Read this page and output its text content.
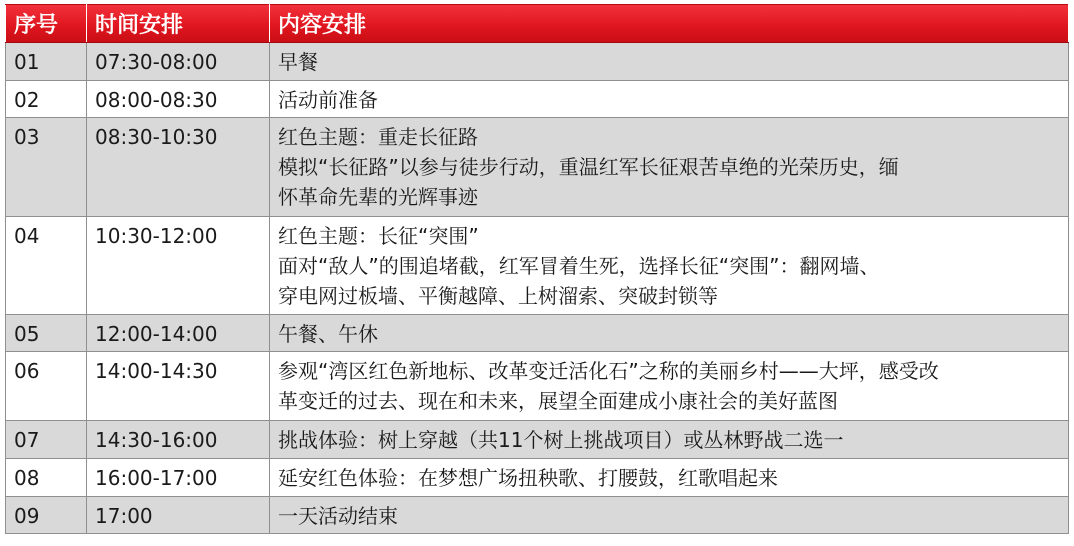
序号	时间安排	内容安排
01	07:30-08:00	早餐

02	08:00-08:30	活动前准备

03	08:30-10:30	红色主题：重走长征路
模拟“长征路”以参与徒步行动，重温红军长征艰苦卓绝的光荣历史，缅
怀革命先辈的光辉事迹

04	10:30-12:00	红色主题：长征“突围”
面对“敌人”的围追堵截，红军冒着生死，选择长征“突围”：翻网墙、
穿电网过板墙、平衡越障、上树溜索、突破封锁等

05	12:00-14:00	午餐、午休

06	14:00-14:30	参观“湾区红色新地标、改革变迁活化石”之称的美丽乡村——大坪，感受改
革变迁的过去、现在和未来，展望全面建成小康社会的美好蓝图

07	14:30-16:00	挑战体验：树上穿越（共11个树上挑战项目）或丛林野战二选一

08	16:00-17:00	延安红色体验：在梦想广场扭秧歌、打腰鼓，红歌唱起来

09	17:00	一天活动结束
